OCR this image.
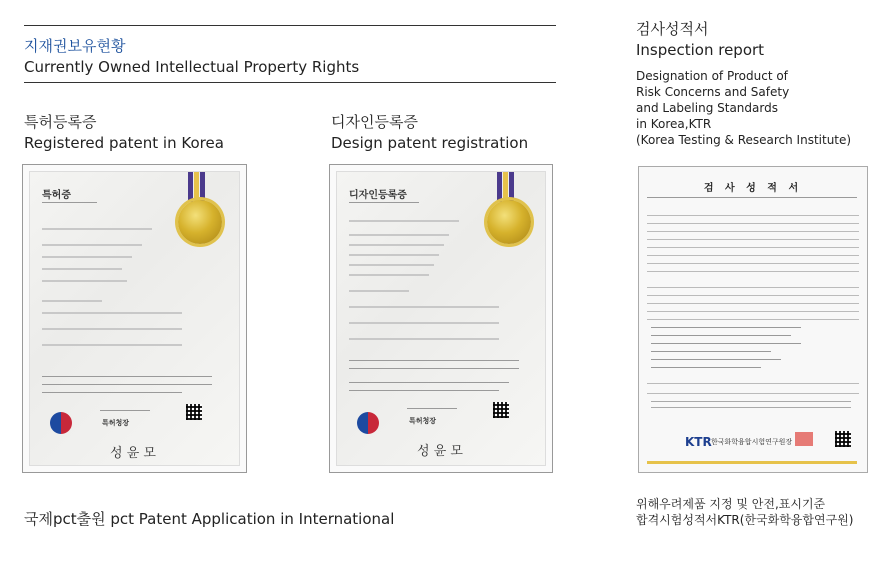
지재권보유현황
Currently Owned Intellectual Property Rights
특허등록증
Registered patent in Korea
특허증
특허청장
성 윤 모
디자인등록증
Design patent registration
디자인등록증
특허청장
성 윤 모
검사성적서
Inspection report
Designation of Product of
Risk Concerns and Safety
and Labeling Standards
in Korea,KTR
(Korea Testing & Research Institute)
검 사 성 적 서
KTR 한국화학융합시험연구원장
국제pct출원 pct Patent Application in International
위해우려제품 지정 및 안전,표시기준
합격시험성적서KTR(한국화학융합연구원)
